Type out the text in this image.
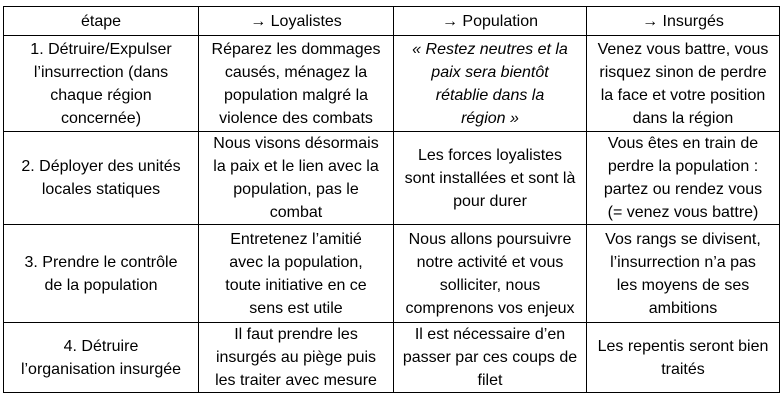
étape	→ Loyalistes	→ Population	→ Insurgés

1. Détruire/Expulser
l’insurrection (dans
chaque région
concernée)	Réparez les dommages
causés, ménagez la
population malgré la
violence des combats	« Restez neutres et la
paix sera bientôt
rétablie dans la
région »	Venez vous battre, vous
risquez sinon de perdre
la face et votre position
dans la région

2. Déployer des unités
locales statiques	Nous visons désormais
la paix et le lien avec la
population, pas le
combat	Les forces loyalistes
sont installées et sont là
pour durer	Vous êtes en train de
perdre la population :
partez ou rendez vous
(= venez vous battre)

3. Prendre le contrôle
de la population	Entretenez l’amitié
avec la population,
toute initiative en ce
sens est utile	Nous allons poursuivre
notre activité et vous
solliciter, nous
comprenons vos enjeux	Vos rangs se divisent,
l’insurrection n’a pas
les moyens de ses
ambitions

4. Détruire
l’organisation insurgée	Il faut prendre les
insurgés au piège puis
les traiter avec mesure	Il est nécessaire d’en
passer par ces coups de
filet	Les repentis seront bien
traités
